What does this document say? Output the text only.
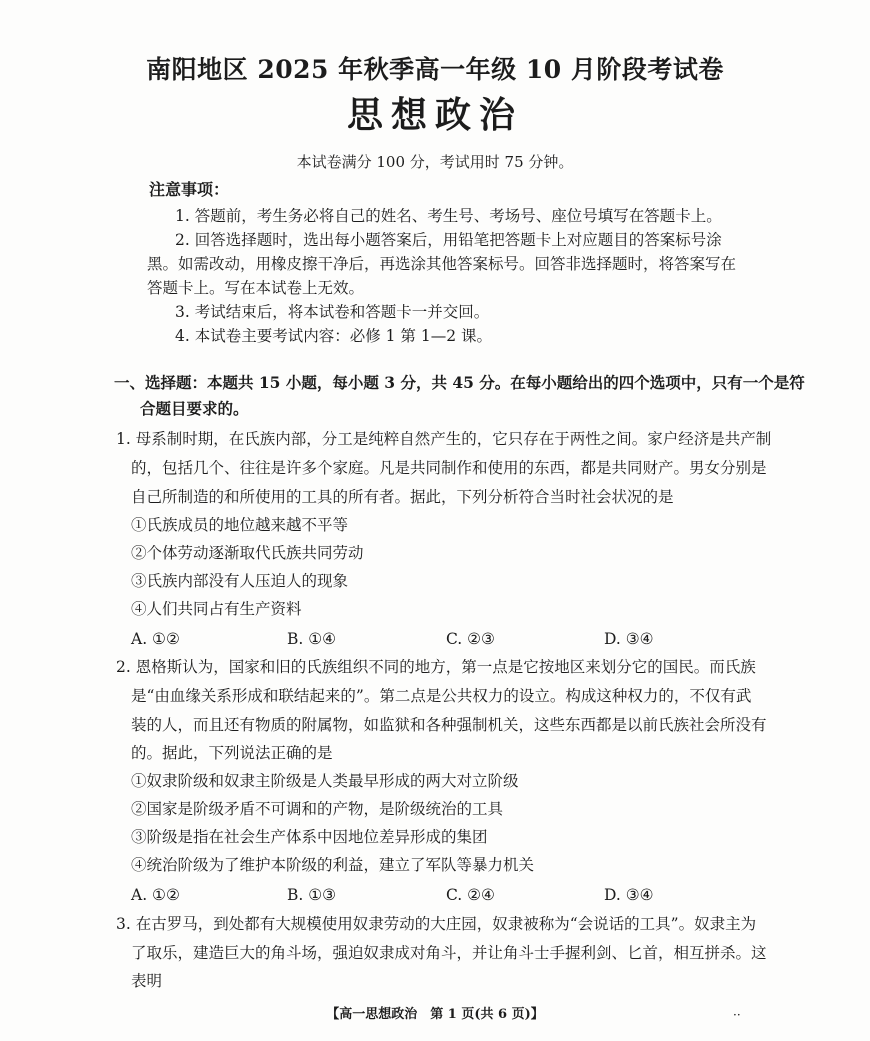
南阳地区 2025 年秋季高一年级 10 月阶段考试卷
思想政治
本试卷满分 100 分，考试用时 75 分钟。
注意事项：
1. 答题前，考生务必将自己的姓名、考生号、考场号、座位号填写在答题卡上。
2. 回答选择题时，选出每小题答案后，用铅笔把答题卡上对应题目的答案标号涂
黑。如需改动，用橡皮擦干净后，再选涂其他答案标号。回答非选择题时，将答案写在
答题卡上。写在本试卷上无效。
3. 考试结束后，将本试卷和答题卡一并交回。
4. 本试卷主要考试内容：必修 1 第 1—2 课。
一、选择题：本题共 15 小题，每小题 3 分，共 45 分。在每小题给出的四个选项中，只有一个是符
合题目要求的。
1. 母系制时期，在氏族内部，分工是纯粹自然产生的，它只存在于两性之间。家户经济是共产制
的，包括几个、往往是许多个家庭。凡是共同制作和使用的东西，都是共同财产。男女分别是
自己所制造的和所使用的工具的所有者。据此，下列分析符合当时社会状况的是
①氏族成员的地位越来越不平等
②个体劳动逐渐取代氏族共同劳动
③氏族内部没有人压迫人的现象
④人们共同占有生产资料
A. ①②	B. ①④	C. ②③	D. ③④
2. 恩格斯认为，国家和旧的氏族组织不同的地方，第一点是它按地区来划分它的国民。而氏族
是“由血缘关系形成和联结起来的”。第二点是公共权力的设立。构成这种权力的，不仅有武
装的人，而且还有物质的附属物，如监狱和各种强制机关，这些东西都是以前氏族社会所没有
的。据此，下列说法正确的是
①奴隶阶级和奴隶主阶级是人类最早形成的两大对立阶级
②国家是阶级矛盾不可调和的产物，是阶级统治的工具
③阶级是指在社会生产体系中因地位差异形成的集团
④统治阶级为了维护本阶级的利益，建立了军队等暴力机关
A. ①②	B. ①③	C. ②④	D. ③④
3. 在古罗马，到处都有大规模使用奴隶劳动的大庄园，奴隶被称为“会说话的工具”。奴隶主为
了取乐，建造巨大的角斗场，强迫奴隶成对角斗，并让角斗士手握利剑、匕首，相互拼杀。这
表明
【高一思想政治　第 1 页(共 6 页)】	··
